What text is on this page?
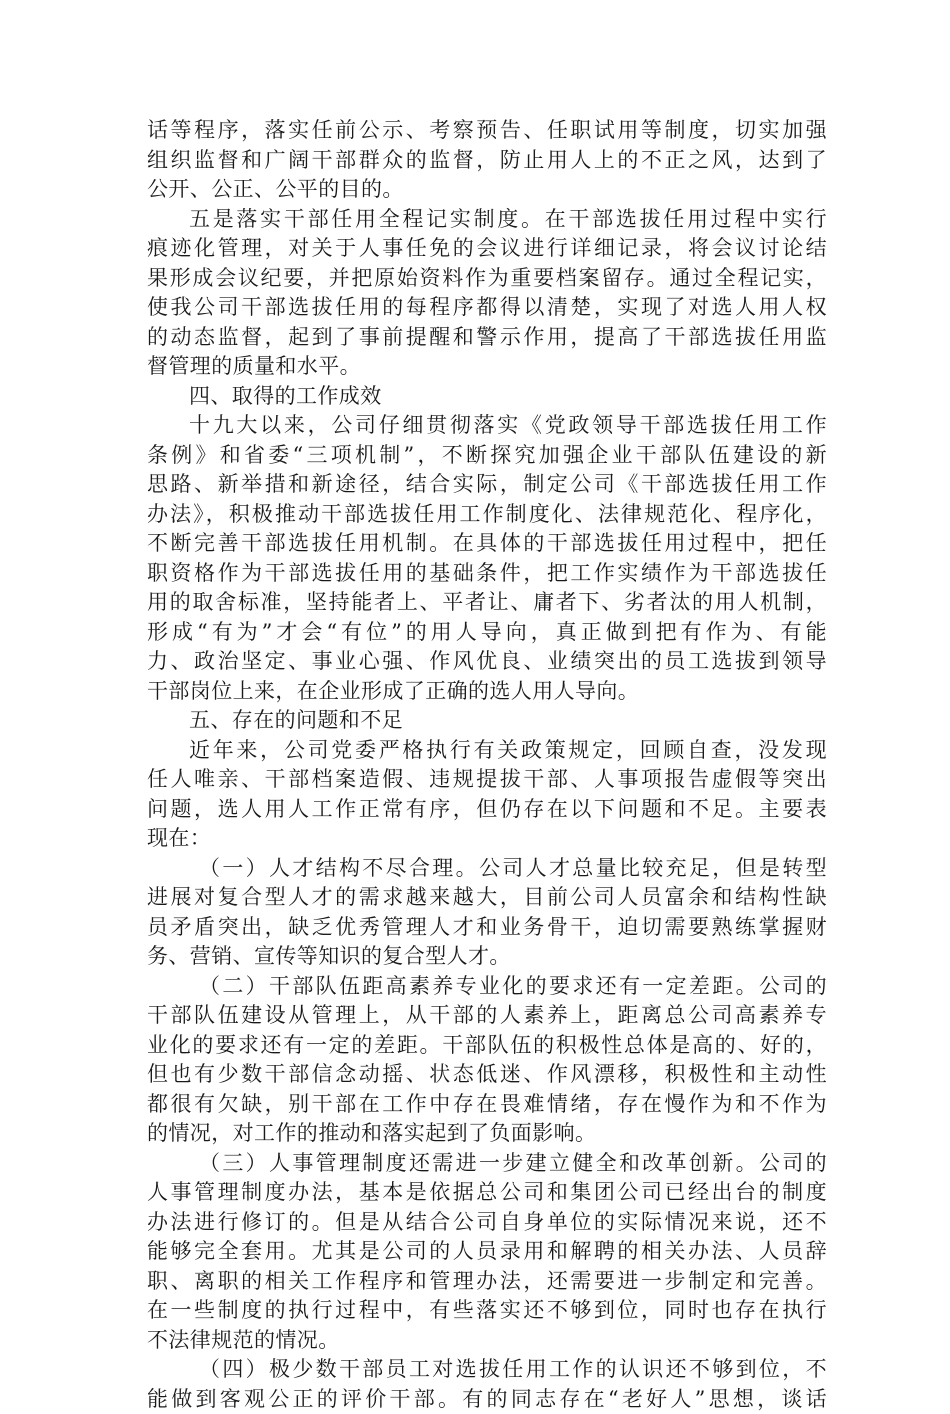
话等程序，落实任前公示、考察预告、任职试用等制度，切实加强
组织监督和广阔干部群众的监督，防止用人上的不正之风，达到了
公开、公正、公平的目的。
五是落实干部任用全程记实制度。在干部选拔任用过程中实行
痕迹化管理，对关于人事任免的会议进行详细记录，将会议讨论结
果形成会议纪要，并把原始资料作为重要档案留存。通过全程记实，
使我公司干部选拔任用的每程序都得以清楚，实现了对选人用人权
的动态监督，起到了事前提醒和警示作用，提高了干部选拔任用监
督管理的质量和水平。
四、取得的工作成效
十九大以来，公司仔细贯彻落实《党政领导干部选拔任用工作
条例》和省委“三项机制”，不断探究加强企业干部队伍建设的新
思路、新举措和新途径，结合实际，制定公司《干部选拔任用工作
办法》，积极推动干部选拔任用工作制度化、法律规范化、程序化，
不断完善干部选拔任用机制。在具体的干部选拔任用过程中，把任
职资格作为干部选拔任用的基础条件，把工作实绩作为干部选拔任
用的取舍标准，坚持能者上、平者让、庸者下、劣者汰的用人机制，
形成“有为”才会“有位”的用人导向，真正做到把有作为、有能
力、政治坚定、事业心强、作风优良、业绩突出的员工选拔到领导
干部岗位上来，在企业形成了正确的选人用人导向。
五、存在的问题和不足
近年来，公司党委严格执行有关政策规定，回顾自查，没发现
任人唯亲、干部档案造假、违规提拔干部、人事项报告虚假等突出
问题，选人用人工作正常有序，但仍存在以下问题和不足。主要表
现在：
（一）人才结构不尽合理。公司人才总量比较充足，但是转型
进展对复合型人才的需求越来越大，目前公司人员富余和结构性缺
员矛盾突出，缺乏优秀管理人才和业务骨干，迫切需要熟练掌握财
务、营销、宣传等知识的复合型人才。
（二）干部队伍距高素养专业化的要求还有一定差距。公司的
干部队伍建设从管理上，从干部的人素养上，距离总公司高素养专
业化的要求还有一定的差距。干部队伍的积极性总体是高的、好的，
但也有少数干部信念动摇、状态低迷、作风漂移，积极性和主动性
都很有欠缺，别干部在工作中存在畏难情绪，存在慢作为和不作为
的情况，对工作的推动和落实起到了负面影响。
（三）人事管理制度还需进一步建立健全和改革创新。公司的
人事管理制度办法，基本是依据总公司和集团公司已经出台的制度
办法进行修订的。但是从结合公司自身单位的实际情况来说，还不
能够完全套用。尤其是公司的人员录用和解聘的相关办法、人员辞
职、离职的相关工作程序和管理办法，还需要进一步制定和完善。
在一些制度的执行过程中，有些落实还不够到位，同时也存在执行
不法律规范的情况。
（四）极少数干部员工对选拔任用工作的认识还不够到位，不
能做到客观公正的评价干部。有的同志存在“老好人”思想，谈话
